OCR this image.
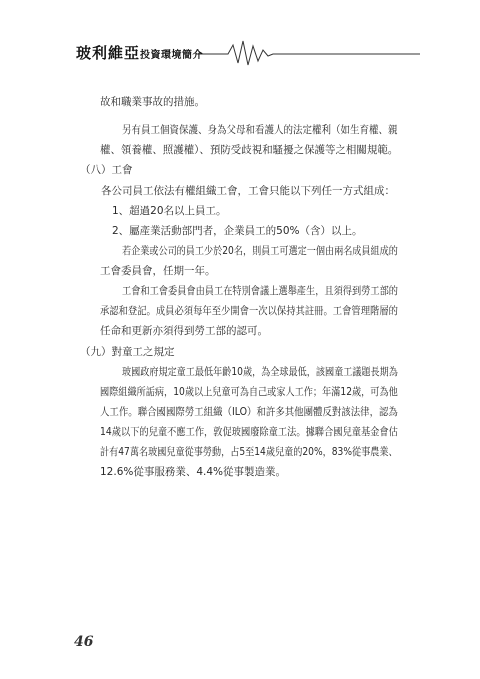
玻利維亞投資環境簡介
故和職業事故的措施。
另有員工個資保護、身為父母和看護人的法定權利（如生育權、親
權、領養權、照護權）、預防受歧視和騷擾之保護等之相關規範。
（八）工會
各公司員工依法有權組織工會，工會只能以下列任一方式組成：
1、超過20名以上員工。
2、屬產業活動部門者，企業員工的50%（含）以上。
若企業或公司的員工少於20名，則員工可選定一個由兩名成員組成的
工會委員會，任期一年。
工會和工會委員會由員工在特別會議上選舉產生，且須得到勞工部的
承認和登記。成員必須每年至少開會一次以保持其註冊。工會管理階層的
任命和更新亦須得到勞工部的認可。
（九）對童工之規定
玻國政府規定童工最低年齡10歲，為全球最低，該國童工議題長期為
國際組織所詬病，10歲以上兒童可為自己或家人工作；年滿12歲，可為他
人工作。聯合國國際勞工組織（ILO）和許多其他團體反對該法律，認為
14歲以下的兒童不應工作，敦促玻國廢除童工法。據聯合國兒童基金會估
計有47萬名玻國兒童從事勞動，占5至14歲兒童的20%，83%從事農業、
12.6%從事服務業、4.4%從事製造業。
46
